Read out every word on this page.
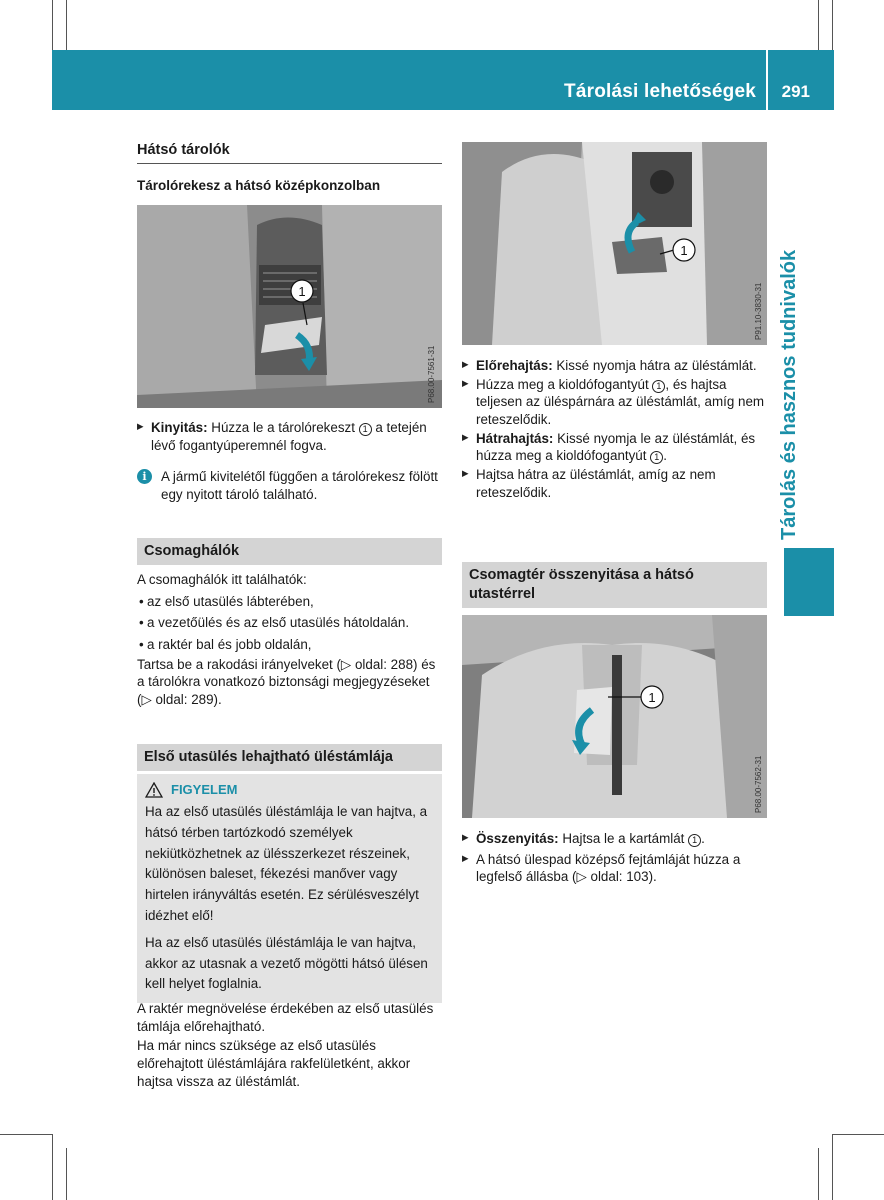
Tárolási lehetőségek 291
Tárolás és hasznos tudnivalók
Hátsó tárolók
Tárolórekesz a hátsó középkonzolban
1
P68.00-7561-31
▶ Kinyitás: Húzza le a tárolórekeszt 1 a tetején lévő fogantyúperemnél fogva.
i	A jármű kivitelétől függően a tárolórekesz fölött egy nyitott tároló található.
Csomaghálók
A csomaghálók itt találhatók:
• az első utasülés lábterében,
• a vezetőülés és az első utasülés hátoldalán.
• a raktér bal és jobb oldalán,
Tartsa be a rakodási irányelveket (▷ oldal: 288) és a tárolókra vonatkozó biztonsági megjegyzéseket (▷ oldal: 289).
Első utasülés lehajtható üléstámlája
FIGYELEM

Ha az első utasülés üléstámlája le van hajtva, a hátsó térben tartózkodó személyek nekiütközhetnek az ülésszerkezet részeinek, különösen baleset, fékezési manőver vagy hirtelen irányváltás esetén. Ez sérülésveszélyt idézhet elő!

Ha az első utasülés üléstámlája le van hajtva, akkor az utasnak a vezető mögötti hátsó ülésen kell helyet foglalnia.

A raktér megnövelése érdekében az első utasülés támlája előrehajtható.
Ha már nincs szüksége az első utasülés előrehajtott üléstámlájára rakfelületként, akkor hajtsa vissza az üléstámlát.
1
P91.10-3830-31
▶ Előrehajtás: Kissé nyomja hátra az üléstámlát.
▶ Húzza meg a kioldófogantyút 1 , és hajtsa teljesen az üléspárnára az üléstámlát, amíg nem reteszelődik.
▶ Hátrahajtás: Kissé nyomja le az üléstámlát, és húzza meg a kioldófogantyút 1 .
▶ Hajtsa hátra az üléstámlát, amíg az nem reteszelődik.
Csomagtér összenyitása a hátsó utastérrel
1
P68.00-7562-31
▶ Összenyitás: Hajtsa le a kartámlát 1 .
▶ A hátsó ülespad középső fejtámláját húzza a legfelső állásba (▷ oldal: 103).
